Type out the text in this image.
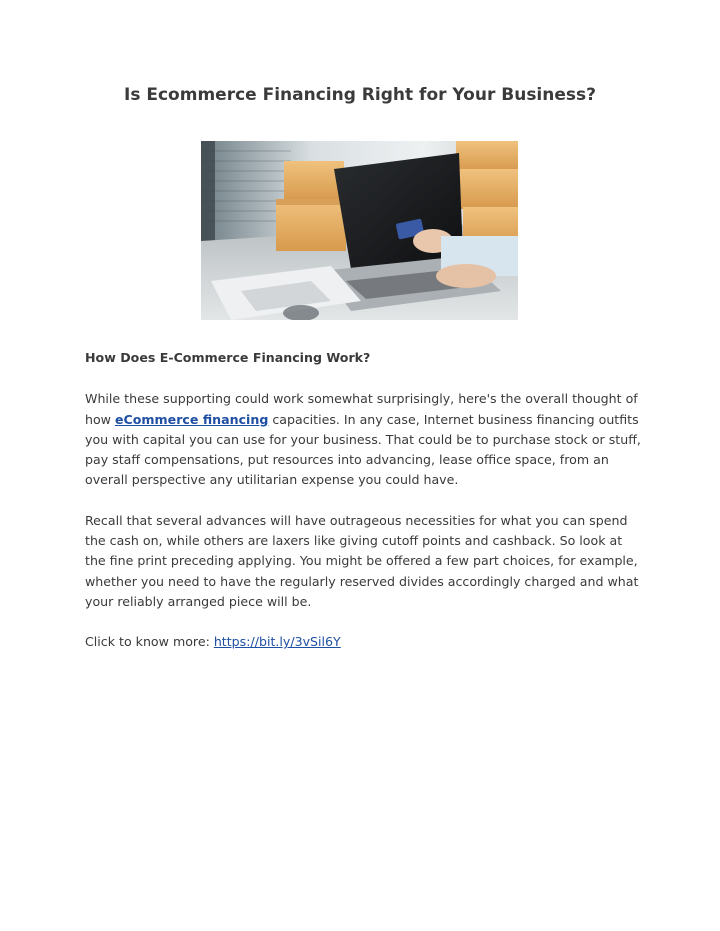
Is Ecommerce Financing Right for Your Business?

How Does E-Commerce Financing Work?

While these supporting could work somewhat surprisingly, here's the overall thought of how eCommerce financing capacities. In any case, Internet business financing outfits you with capital you can use for your business. That could be to purchase stock or stuff, pay staff compensations, put resources into advancing, lease office space, from an overall perspective any utilitarian expense you could have.

Recall that several advances will have outrageous necessities for what you can spend the cash on, while others are laxers like giving cutoff points and cashback. So look at the fine print preceding applying. You might be offered a few part choices, for example, whether you need to have the regularly reserved divides accordingly charged and what your reliably arranged piece will be.

Click to know more: https://bit.ly/3vSil6Y
